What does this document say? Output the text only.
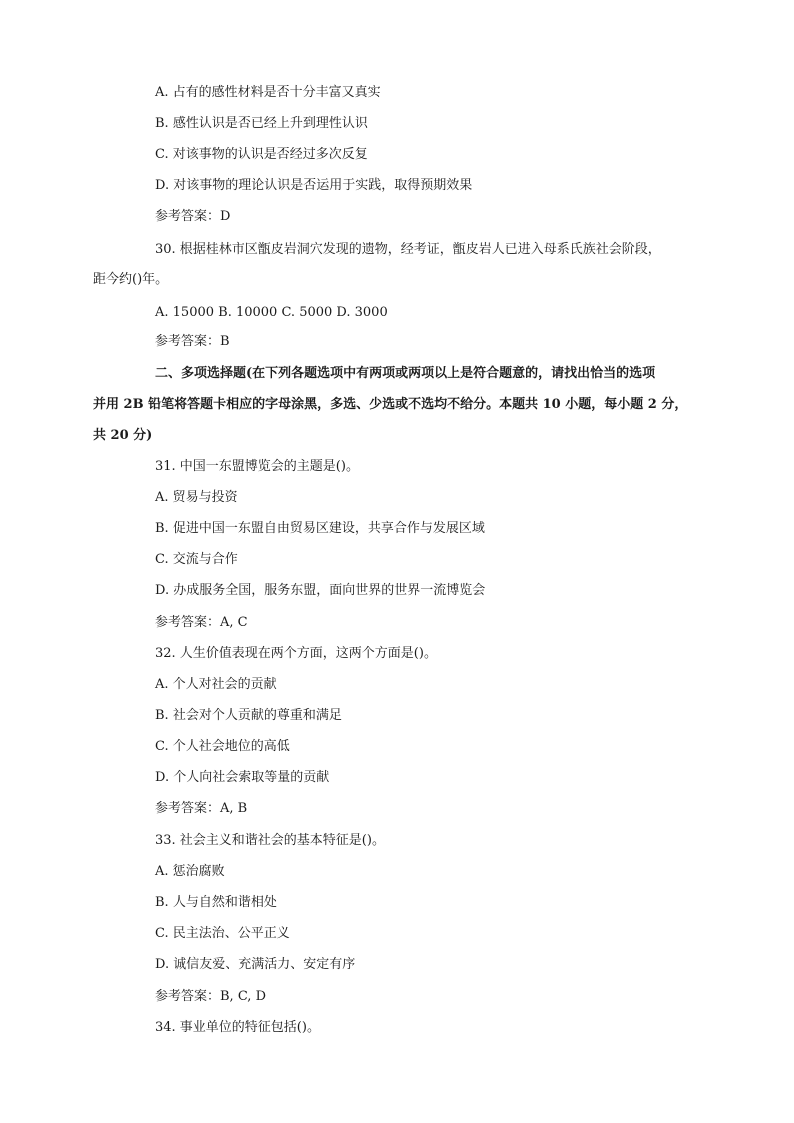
A. 占有的感性材料是否十分丰富又真实
B. 感性认识是否已经上升到理性认识
C. 对该事物的认识是否经过多次反复
D. 对该事物的理论认识是否运用于实践，取得预期效果
参考答案：D
30. 根据桂林市区甑皮岩洞穴发现的遗物，经考证，甑皮岩人已进入母系氏族社会阶段，
距今约()年。
A. 15000 B. 10000 C. 5000 D. 3000
参考答案：B
二、多项选择题(在下列各题选项中有两项或两项以上是符合题意的，请找出恰当的选项
并用 2B 铅笔将答题卡相应的字母涂黑，多选、少选或不选均不给分。本题共 10 小题，每小题 2 分，
共 20 分)
31. 中国一东盟博览会的主题是()。
A. 贸易与投资
B. 促进中国一东盟自由贸易区建设，共享合作与发展区域
C. 交流与合作
D. 办成服务全国，服务东盟，面向世界的世界一流博览会
参考答案：A, C
32. 人生价值表现在两个方面，这两个方面是()。
A. 个人对社会的贡献
B. 社会对个人贡献的尊重和满足
C. 个人社会地位的高低
D. 个人向社会索取等量的贡献
参考答案：A, B
33. 社会主义和谐社会的基本特征是()。
A. 惩治腐败
B. 人与自然和谐相处
C. 民主法治、公平正义
D. 诚信友爱、充满活力、安定有序
参考答案：B, C, D
34. 事业单位的特征包括()。
